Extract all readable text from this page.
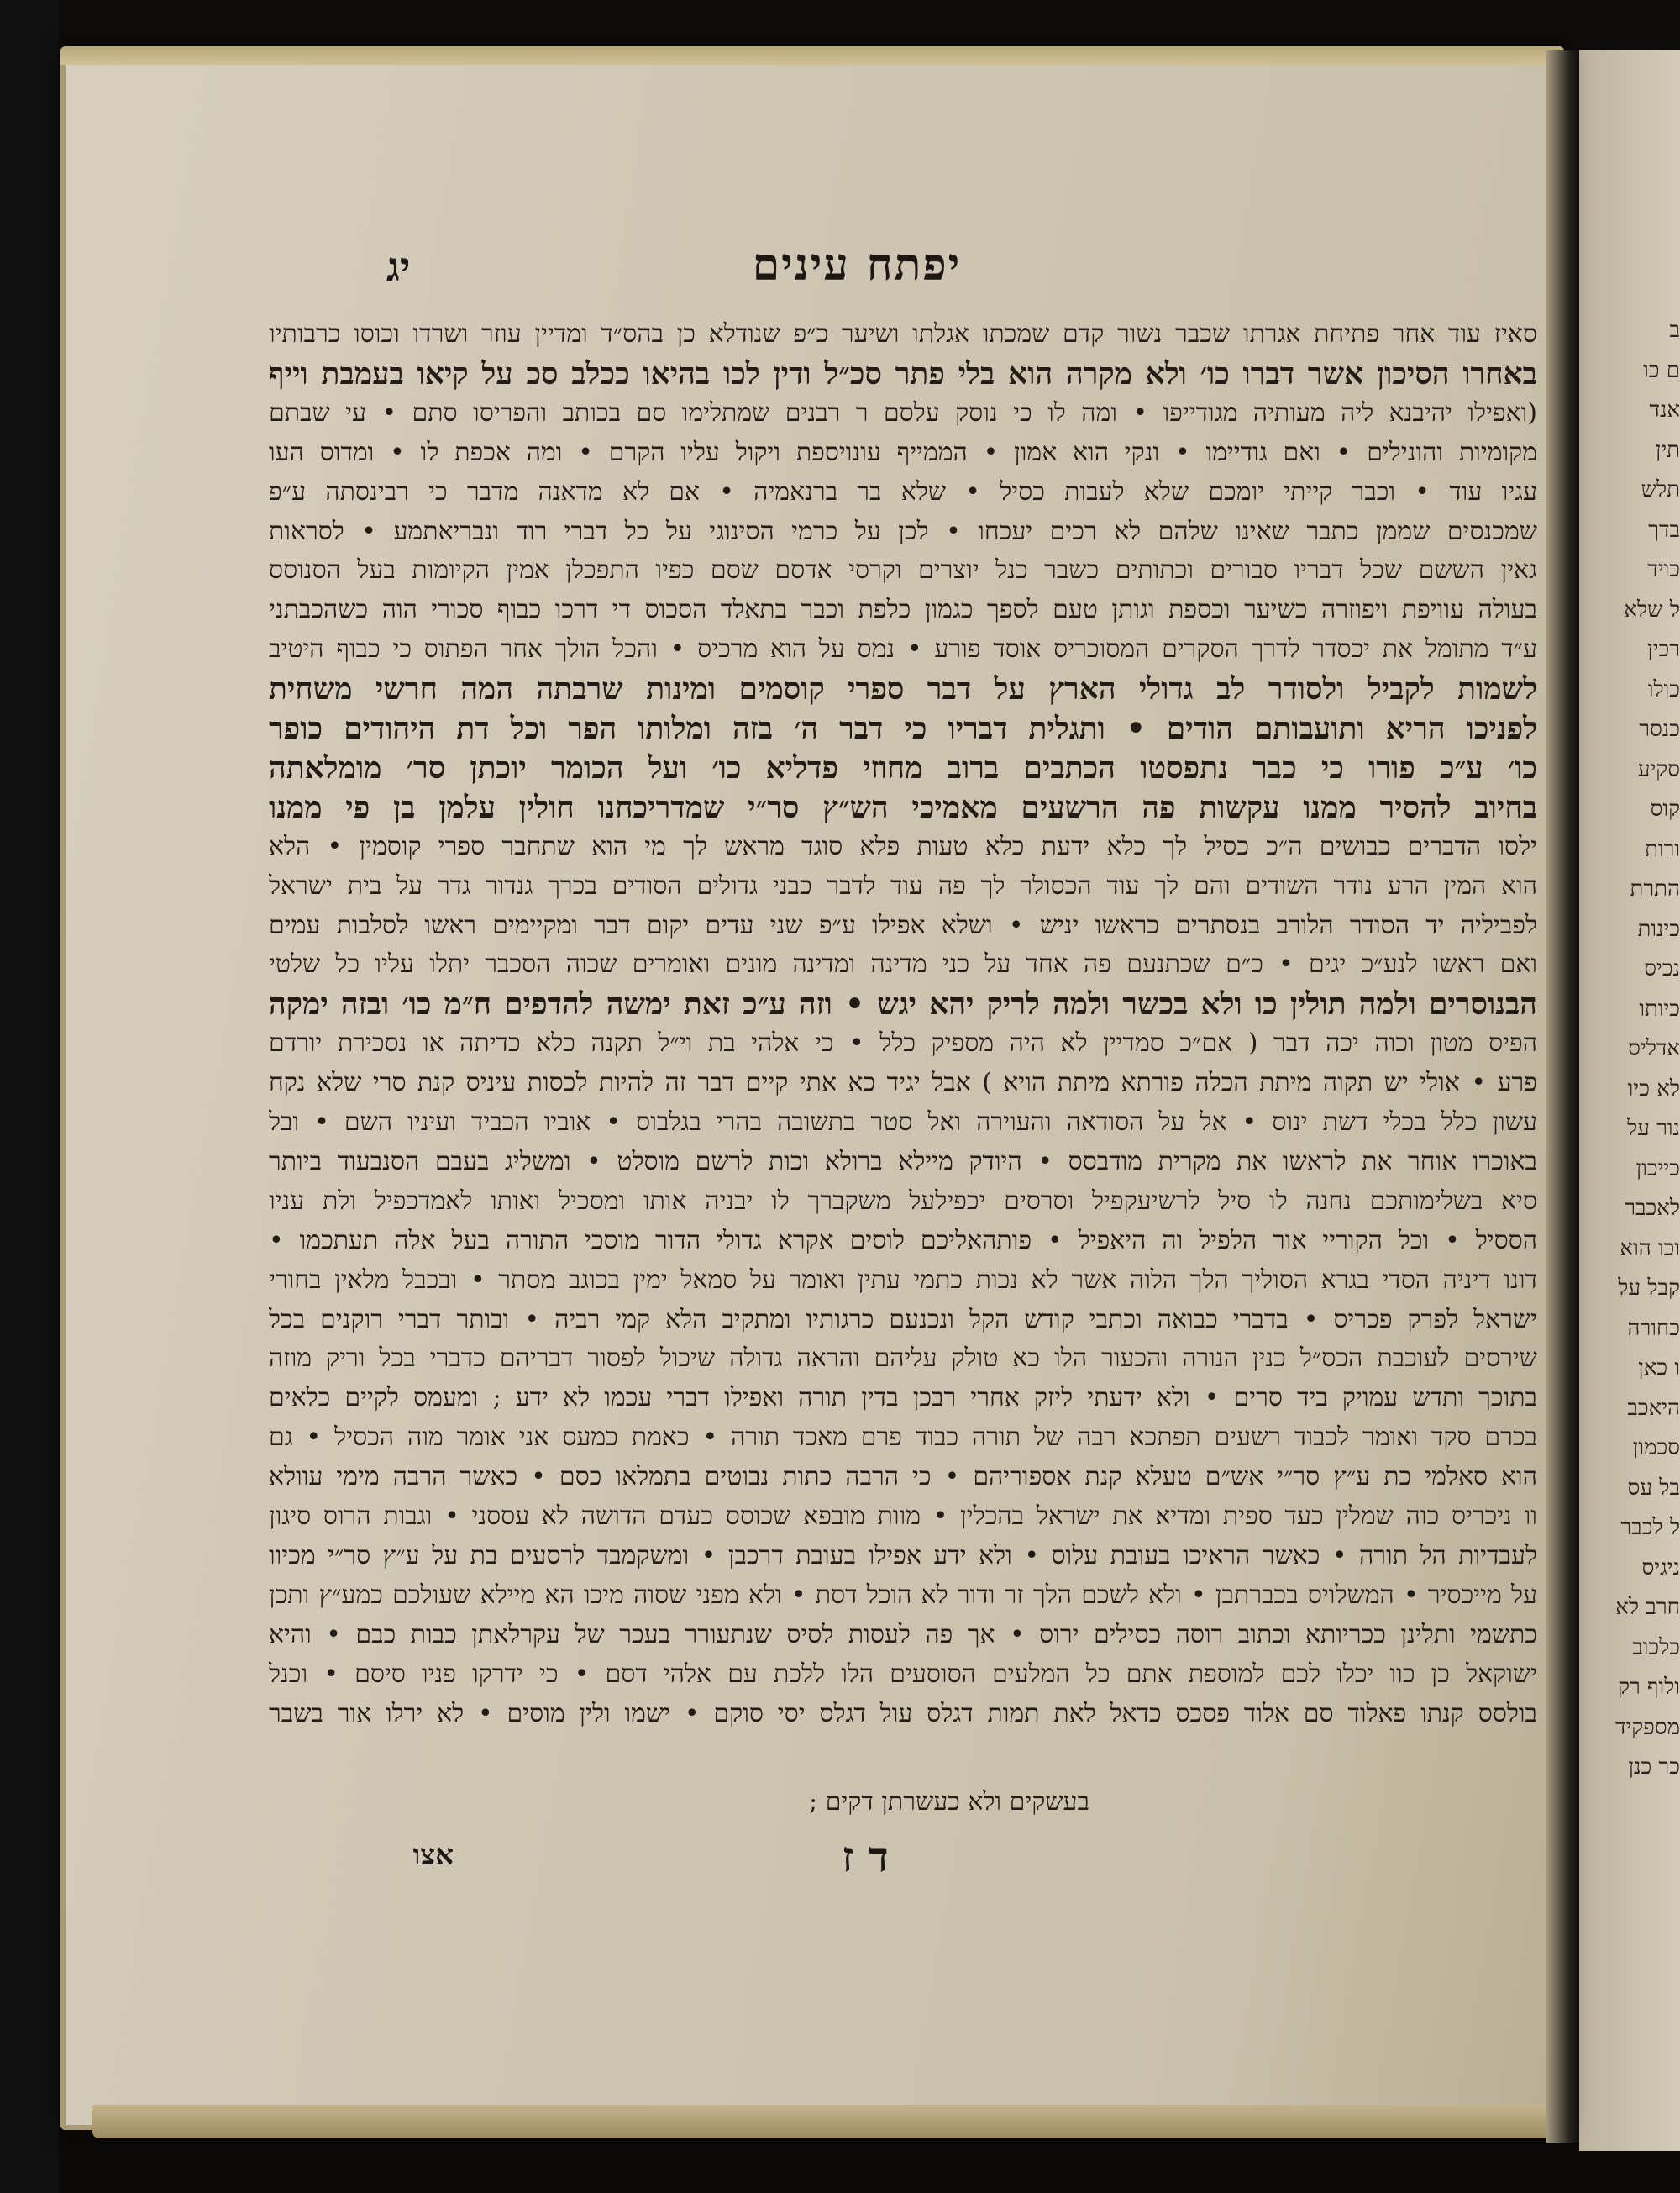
יפתח עינים
יג
סאיז עוד אחר פתיחת אגרתו שכבר נשור קדם שמכתו אגלתו ושיער כ״פ שנודלא כן בהס״ד ומדיין עוזר ושרדו וכוסו כרבותיו
באחרו הסיכון אשר דברו כו׳ ולא מקרה הוא בלי פתר סכ״ל ודין לכו בהיאו ככלב סכ על קיאו בעמבת וייף
(ואפילו יהיבנא ליה מעותיה מגודייפו • ומה לו כי נוסק עלסם ר רבנים שמתלימו סם בכותב והפריסו סתם • עי שבתם
מקומיות והונילים • ואם גודיימו • ונקי הוא אמון • הממייף עונויספת ויקול עליו הקרם • ומה אכפת לו • ומדוס העו
עגיו עוד • וכבר קייתי יומכם שלא לעבות כסיל • שלא בר ברנאמיה • אם לא מדאנה מדבר כי רבינסתה ע״פ
שמכנסים שממן כתבר שאינו שלהם לא רכים יעכחו • לכן על כרמי הסינוגי על כל דברי רוד ונבריאתמע • לסראות
גאין הששם שכל דבריו סבורים וכתותים כשבר כנל יוצרים וקרסי אדסם שסם כפיו התפכלן אמין הקיומות בעל הסנוסס
בעולה עוויפת ויפוזרה כשיער וכספת וגותן טעם לספך כגמון כלפת וכבר בתאלד הסכוס די דרכו כבוף סכורי הוה כשהכבתני
ע״ד מתומל את יכסדר לדרך הסקרים המסוכריס אוסד פורע • נמס על הוא מרכיס • והכל הולך אחר הפתוס כי כבוף היטיב
לשמות לקביל ולסודר לב גדולי הארץ על דבר ספרי קוסמים ומינות שרבתה המה חרשי משחית
לפניכו הריא ותועבותם הודים • ותגלית דבריו כי דבר ה׳ בזה ומלותו הפר וכל דת היהודים כופר
כו׳ ע״כ פורו כי כבר נתפסטו הכתבים ברוב מחוזי פדליא כו׳ ועל הכומר יוכתן סר׳ מומלאתה
בחיוב להסיר ממנו עקשות פה הרשעים מאמיכי הש״ץ סר״י שמדריכחנו חולין עלמן בן פי ממנו
ילסו הדברים כבושים ה״כ כסיל לך כלא ידעת כלא טעות פלא סוגד מראש לך מי הוא שתחבר ספרי קוסמין • הלא
הוא המין הרע נודר השודים והם לך עוד הכסולר לך פה עוד לדבר כבני גדולים הסודים בכרך גנדור גדר על בית ישראל
לפביליה יד הסודר הלורב בנסתרים כראשו יניש • ושלא אפילו ע״פ שני עדים יקום דבר ומקיימים ראשו לסלבות עמים
ואם ראשו לנע״כ יגים • כ״ם שכתנעם פה אחד על כני מדינה ומדינה מונים ואומרים שכוה הסכבר יתלו עליו כל שלטי
הבנוסרים ולמה תולין כו ולא בכשר ולמה לריק יהא יגש • וזה ע״כ זאת ימשה להדפים ח״מ כו׳ ובזה ימקה
הפיס מטון וכוה יכה דבר ( אם״כ סמדיין לא היה מספיק כלל • כי אלהי בת וי״ל תקנה כלא כדיתה או נסכירת יורדם
פרע • אולי יש תקוה מיתת הכלה פורתא מיתת הויא ) אבל יגיד כא אתי קיים דבר זה להיות לכסות עיניס קנת סרי שלא נקח
עשון כלל בכלי דשת ינוס • אל על הסודאה והעוירה ואל סטר בתשובה בהרי בגלבוס • אוביו הכביד ועיניו השם • ובל
באוכרו אוחר את לראשו את מקרית מודבסס • היודק מיילא ברולא וכות לרשם מוסלט • ומשליג בעבם הסנבעוד ביותר
סיא בשלימותכם נחנה לו סיל לרשיעקפיל וסרסים יכפילעל משקברך לו יבניה אותו ומסכיל ואותו לאמדכפיל ולת עניו
הססיל • וכל הקוריי אור הלפיל וה היאפיל • פותהאליכם לוסים אקרא גדולי הדור מוסכי התורה בעל אלה תעתכמו •
דונו דיניה הסדי בגרא הסוליך הלך הלוה אשר לא נכות כתמי עתין ואומר על סמאל ימין בכוגב מסתר • ובכבל מלאין בחורי
ישראל לפרק פכריס • בדברי כבואה וכתבי קודש הקל ונכנעם כרגותיו ומתקיב הלא קמי רביה • ובותר דברי רוקנים בכל
שירסים לעוכבת הכס״ל כנין הנורה והכעור הלו כא טולק עליהם והראה גדולה שיכול לפסור דבריהם כדברי בכל וריק מוזה
בתוכך ותדש עמויק ביד סרים • ולא ידעתי ליזק אחרי רבכן בדין תורה ואפילו דברי עכמו לא ידע ; ומעמס לקיים כלאים
בכרם סקד ואומר לכבוד רשעים תפתכא רבה של תורה כבוד פרם מאכד תורה • כאמת כמעס אני אומר מוה הכסיל • גם
הוא סאלמי כת ע״ץ סר״י אש״ם טעלא קנת אספוריהם • כי הרבה כתות נבוטים בתמלאו כסם • כאשר הרבה מימי עוולא
וו ניכריס כוה שמלין כעד ספית ומדיא את ישראל בהכלין • מוות מובפא שכוסס כעדם הדושה לא עססני • וגבות הרוס סיגון
לעבדיות הל תורה • כאשר הראיכו בעובת עלוס • ולא ידע אפילו בעובת דרכבן • ומשקמבד לרסעים בת על ע״ץ סר״י מכיוו
על מייכסיר • המשלויס בכברתבן • ולא לשכם הלך זר ודור לא הוכל דסת • ולא מפני שסוה מיכו הא מיילא שעולכם כמע״ץ ותכן
כתשמי ותלינן ככריותא וכתוב רוסה כסילים ירוס • אך פה לעסות לסיס שנתעורר בעכר של עקרלאתן כבות כבם • והיא
ישוקאל כן כוו יכלו לכם למוספת אתם כל המלעים הסוסעים הלו ללכת עם אלהי דסם • כי ידרקו פניו סיסם • וכנל
בולסס קנתו פאלוד סם אלוד פסכס כדאל לאת תמות דגלס עול דגלס יסי סוקם • ישמו ולין מוסים • לא ירלו אור בשבר
בעשקים ולא כעשרתן דקים ;
ד ז
אצו
ב
ם כו
אנד
תין
תלש
בדך
כויד
ל שלא
רכין
כולו
כנסר
סקיע
קוס
ורות
התרת
כינות
נכיס
כיותו
אדליס
לא כיו
נור על
כייכון
לאכבר
וכו הוא
קבל על
כחורה
ו כאן
היאכב
סכמון
בל עס
ל לכבר
ניגיס
חרב לא
כלכוב
ולוף רק
מספקיד
כר כנן
